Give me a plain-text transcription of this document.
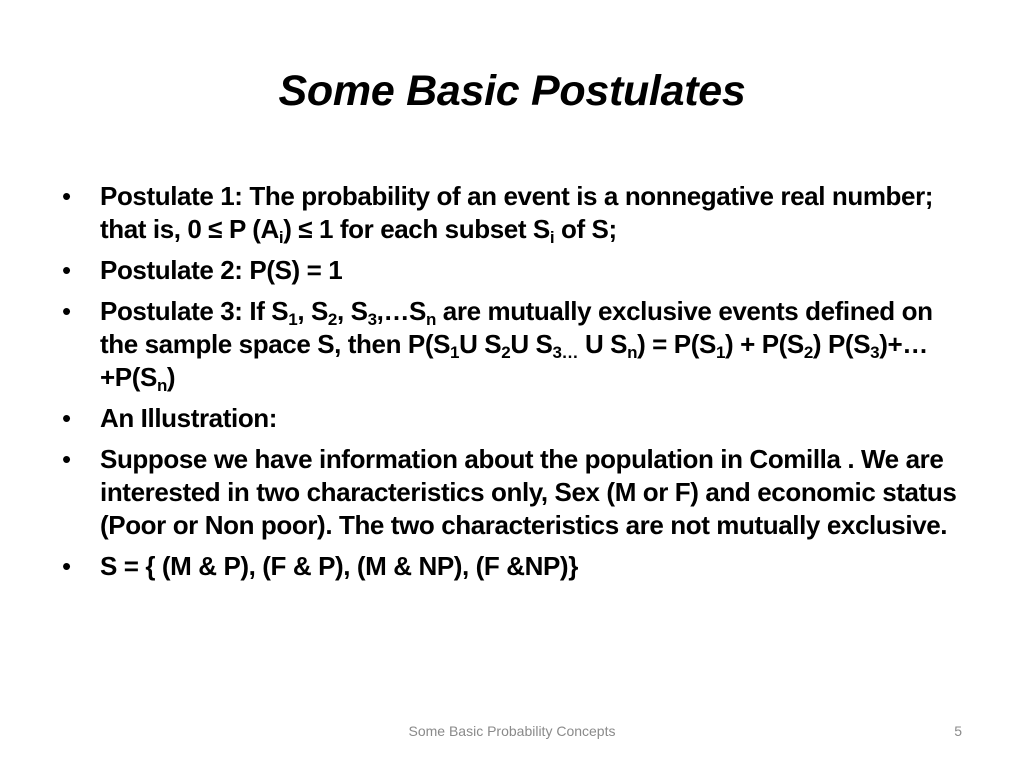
Some Basic Postulates
• Postulate 1: The probability of an event is a nonnegative real number; that is, 0 ≤ P $(A_i) \le 1$ for each subset $S_i$ of S;
• Postulate 2: P(S) = 1
• Postulate 3: If $S_1$, $S_2$, $S_3,\dots S_n$ are mutually exclusive events defined on the sample space S, then $P(S_1U$ $S_2U$ $S_{3\dots}$ U $S_n) = P(S_1) + P(S_2)$ $P(S_3)+\dots+P(S_n)$
• An Illustration:
• Suppose we have information about the population in Comilla . We are interested in two characteristics only, Sex (M or F) and economic status (Poor or Non poor). The two characteristics are not mutually exclusive.
• S = { (M & P), (F & P), (M & NP), (F &NP)}
Some Basic Probability Concepts	5
